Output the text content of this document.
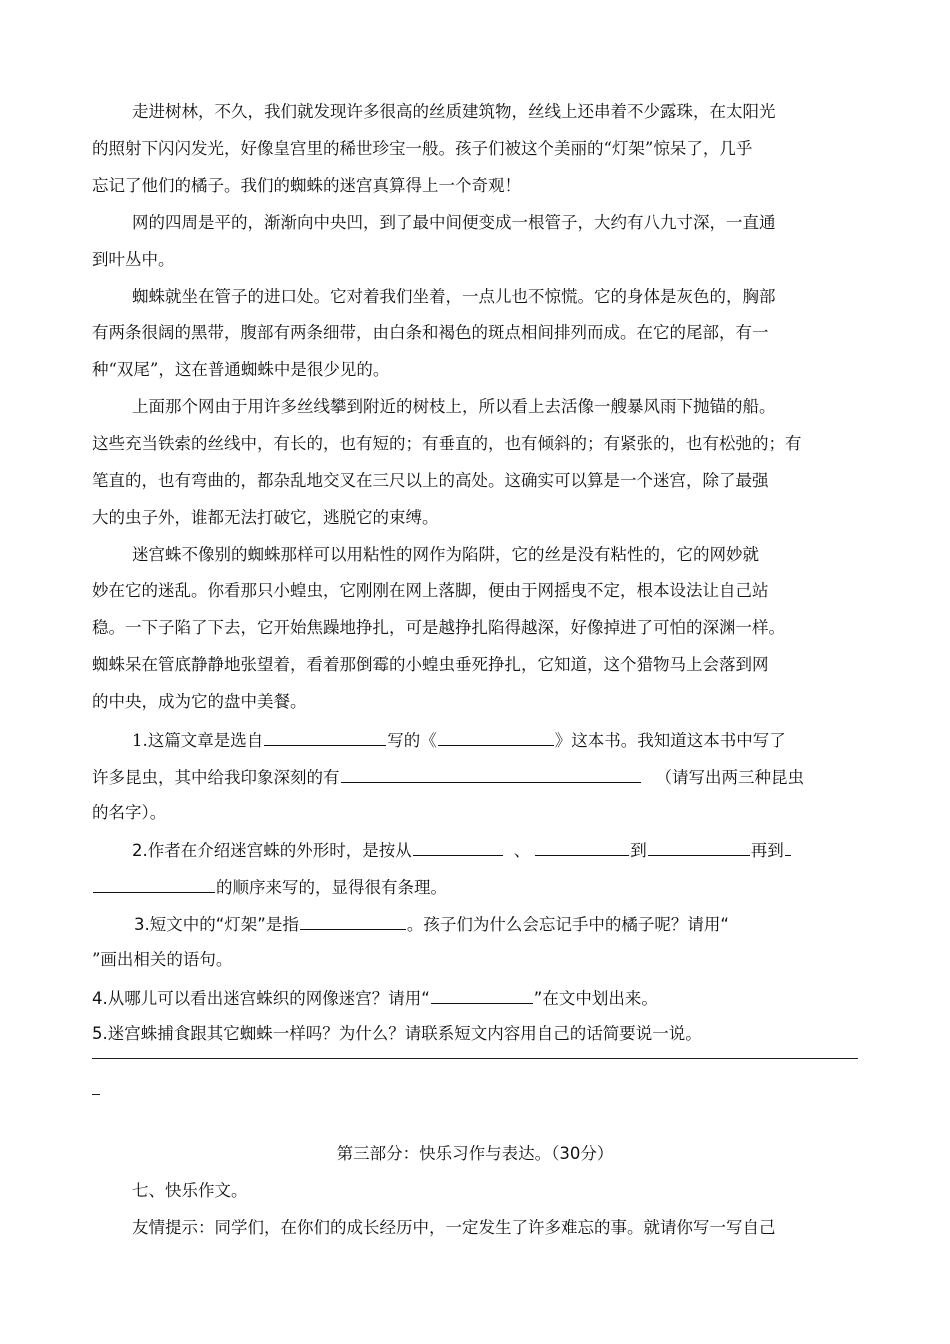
走进树林，不久，我们就发现许多很高的丝质建筑物，丝线上还串着不少露珠，在太阳光
的照射下闪闪发光，好像皇宫里的稀世珍宝一般。孩子们被这个美丽的“灯架”惊呆了，几乎
忘记了他们的橘子。我们的蜘蛛的迷宫真算得上一个奇观！
网的四周是平的，渐渐向中央凹，到了最中间便变成一根管子，大约有八九寸深，一直通
到叶丛中。
蜘蛛就坐在管子的进口处。它对着我们坐着，一点儿也不惊慌。它的身体是灰色的，胸部
有两条很阔的黑带，腹部有两条细带，由白条和褐色的斑点相间排列而成。在它的尾部，有一
种“双尾”，这在普通蜘蛛中是很少见的。
上面那个网由于用许多丝线攀到附近的树枝上，所以看上去活像一艘暴风雨下抛锚的船。
这些充当铁索的丝线中，有长的，也有短的；有垂直的，也有倾斜的；有紧张的，也有松弛的；有
笔直的，也有弯曲的，都杂乱地交叉在三尺以上的高处。这确实可以算是一个迷宫，除了最强
大的虫子外，谁都无法打破它，逃脱它的束缚。
迷宫蛛不像别的蜘蛛那样可以用粘性的网作为陷阱，它的丝是没有粘性的，它的网妙就
妙在它的迷乱。你看那只小蝗虫，它刚刚在网上落脚，便由于网摇曳不定，根本设法让自己站
稳。一下子陷了下去，它开始焦躁地挣扎，可是越挣扎陷得越深，好像掉进了可怕的深渊一样。
蜘蛛呆在管底静静地张望着，看着那倒霉的小蝗虫垂死挣扎，它知道，这个猎物马上会落到网
的中央，成为它的盘中美餐。
1.这篇文章是选自	写的《	》这本书。我知道这本书中写了
许多昆虫，其中给我印象深刻的有	（请写出两三种昆虫
的名字）。
2.作者在介绍迷宫蛛的外形时，是按从	、	到	再到
的顺序来写的，显得很有条理。
3.短文中的“灯架”是指	。孩子们为什么会忘记手中的橘子呢？请用“
”画出相关的语句。
4.从哪儿可以看出迷宫蛛织的网像迷宫？请用“	”在文中划出来。
5.迷宫蛛捕食跟其它蜘蛛一样吗？为什么？请联系短文内容用自己的话简要说一说。
第三部分：快乐习作与表达。（30分）
七、快乐作文。
友情提示：同学们，在你们的成长经历中，一定发生了许多难忘的事。就请你写一写自己
